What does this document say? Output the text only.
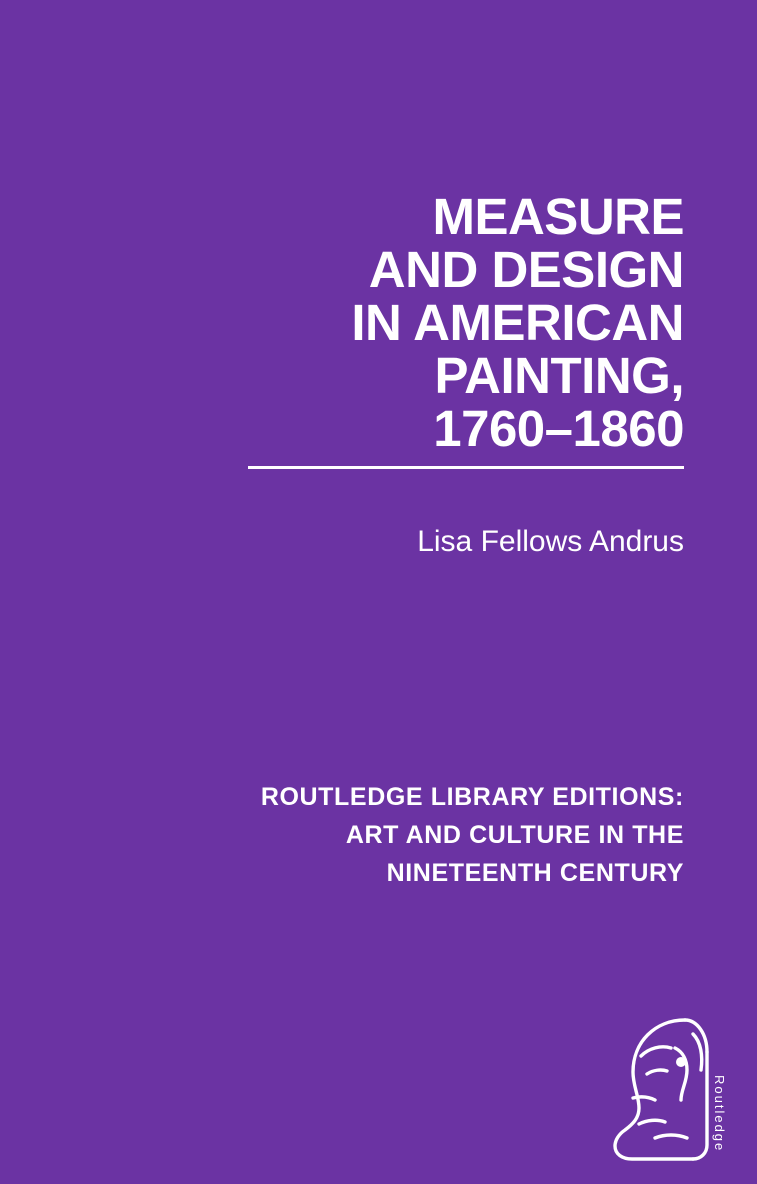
MEASURE
AND DESIGN
IN AMERICAN
PAINTING,
1760–1860
Lisa Fellows Andrus
ROUTLEDGE LIBRARY EDITIONS:
ART AND CULTURE IN THE
NINETEENTH CENTURY
Routledge
